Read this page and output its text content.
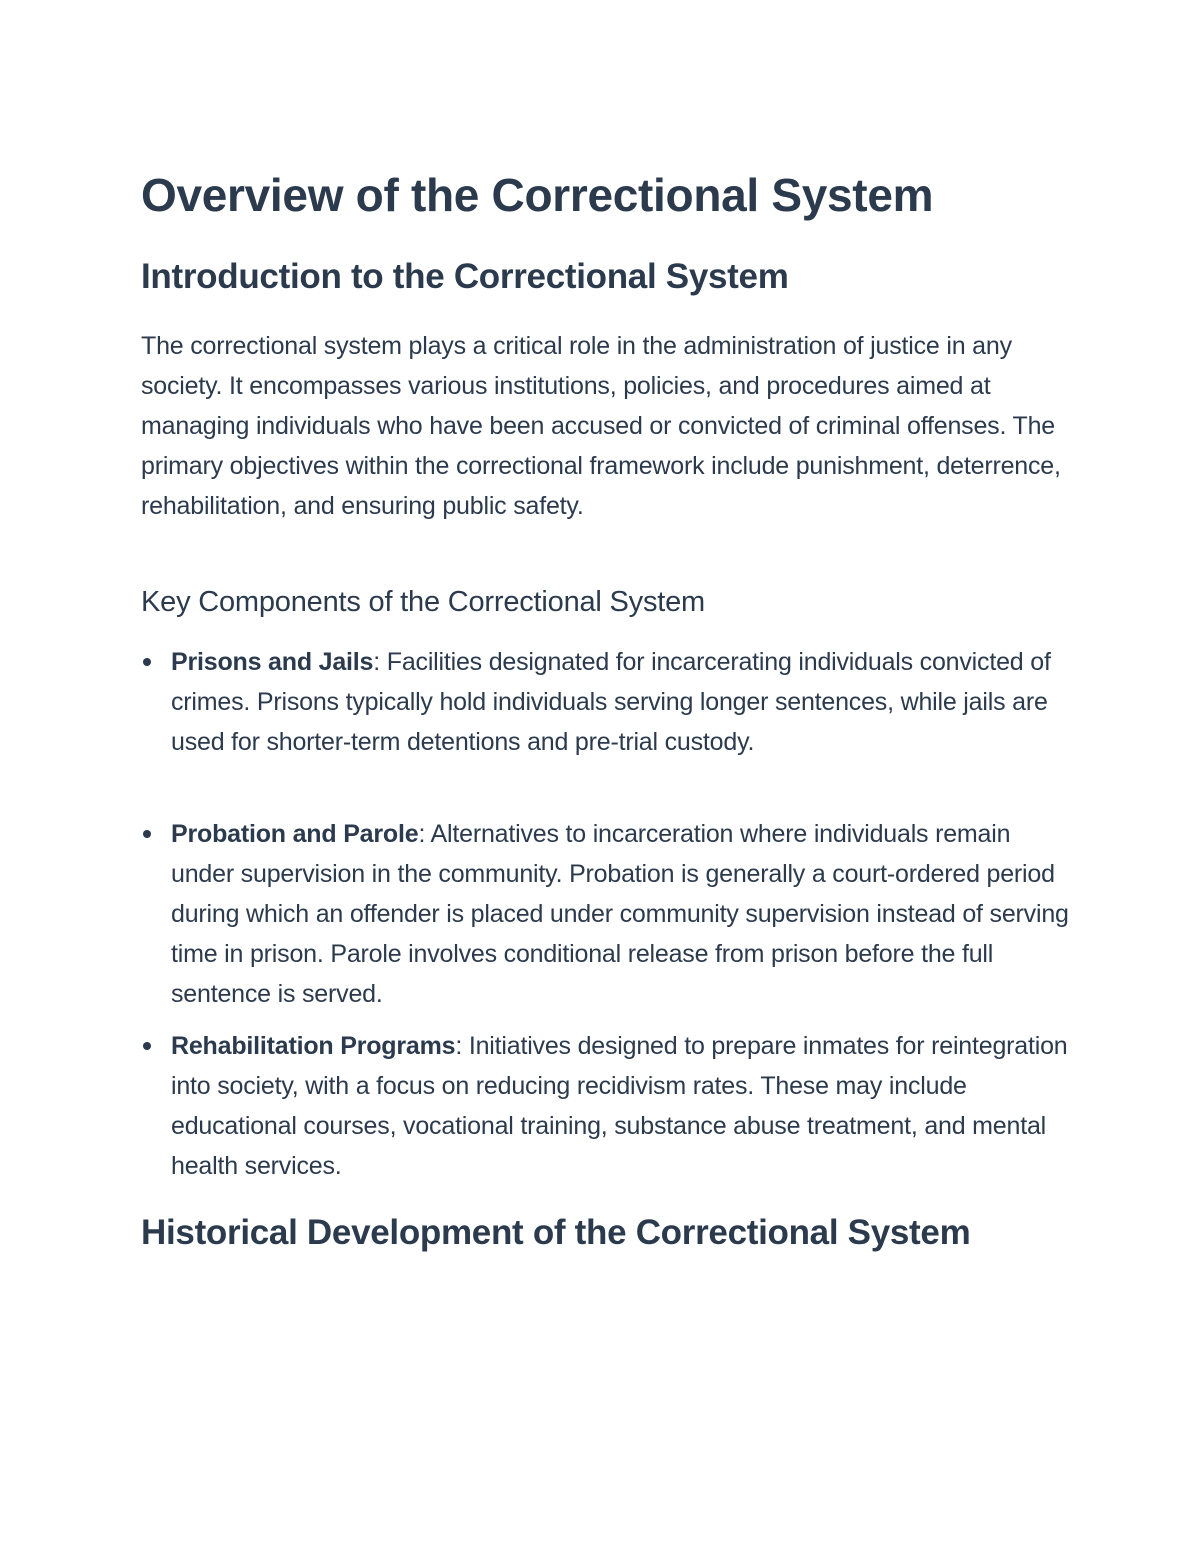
Overview of the Correctional System
Introduction to the Correctional System

The correctional system plays a critical role in the administration of justice in any society. It encompasses various institutions, policies, and procedures aimed at managing individuals who have been accused or convicted of criminal offenses. The primary objectives within the correctional framework include punishment, deterrence, rehabilitation, and ensuring public safety.

Key Components of the Correctional System

Prisons and Jails: Facilities designated for incarcerating individuals convicted of crimes. Prisons typically hold individuals serving longer sentences, while jails are used for shorter-term detentions and pre-trial custody.

Probation and Parole: Alternatives to incarceration where individuals remain under supervision in the community. Probation is generally a court-ordered period during which an offender is placed under community supervision instead of serving time in prison. Parole involves conditional release from prison before the full sentence is served.

Rehabilitation Programs: Initiatives designed to prepare inmates for reintegration into society, with a focus on reducing recidivism rates. These may include educational courses, vocational training, substance abuse treatment, and mental health services.

Historical Development of the Correctional System
